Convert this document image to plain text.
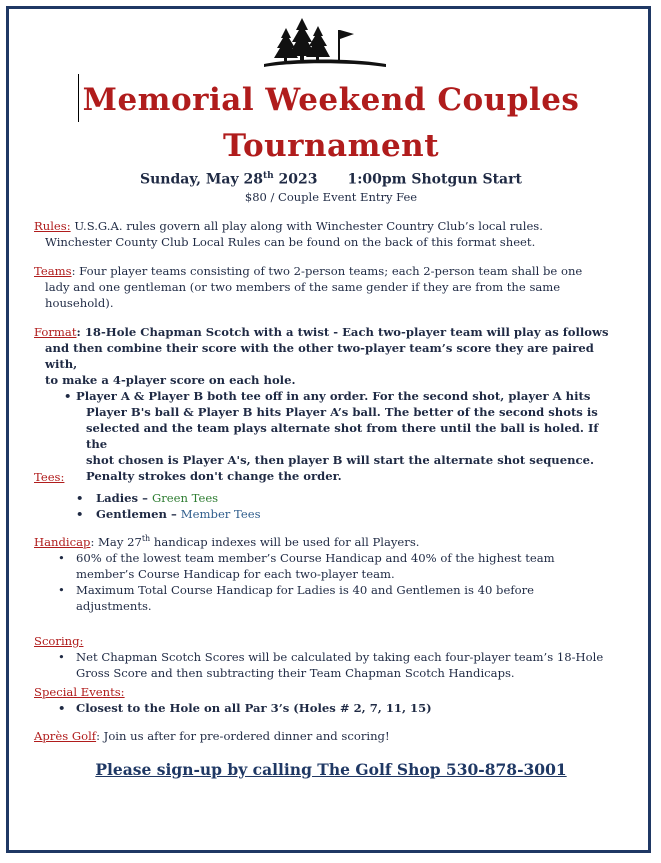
Memorial Weekend Couples
Tournament
Sunday, May 28th 2023 1:00pm Shotgun Start
$80 / Couple Event Entry Fee
Rules: U.S.G.A. rules govern all play along with Winchester Country Club’s local rules.
Winchester County Club Local Rules can be found on the back of this format sheet.
Teams: Four player teams consisting of two 2-person teams; each 2-person team shall be one
lady and one gentleman (or two members of the same gender if they are from the same
household).
Format: 18-Hole Chapman Scotch with a twist - Each two-player team will play as follows
and then combine their score with the other two-player team’s score they are paired with,
to make a 4-player score on each hole.
• Player A & Player B both tee off in any order. For the second shot, player A hits
Player B's ball & Player B hits Player A’s ball. The better of the second shots is
selected and the team plays alternate shot from there until the ball is holed. If the
shot chosen is Player A's, then player B will start the alternate shot sequence.
Penalty strokes don't change the order.
Tees:
• Ladies – Green Tees
• Gentlemen – Member Tees
Handicap: May 27th handicap indexes will be used for all Players.
• 60% of the lowest team member’s Course Handicap and 40% of the highest team
member’s Course Handicap for each two-player team.
• Maximum Total Course Handicap for Ladies is 40 and Gentlemen is 40 before
adjustments.
Scoring:
• Net Chapman Scotch Scores will be calculated by taking each four-player team’s 18-Hole
Gross Score and then subtracting their Team Chapman Scotch Handicaps.
Special Events:
• Closest to the Hole on all Par 3’s (Holes # 2, 7, 11, 15)
Après Golf: Join us after for pre-ordered dinner and scoring!
Please sign-up by calling The Golf Shop 530-878-3001
